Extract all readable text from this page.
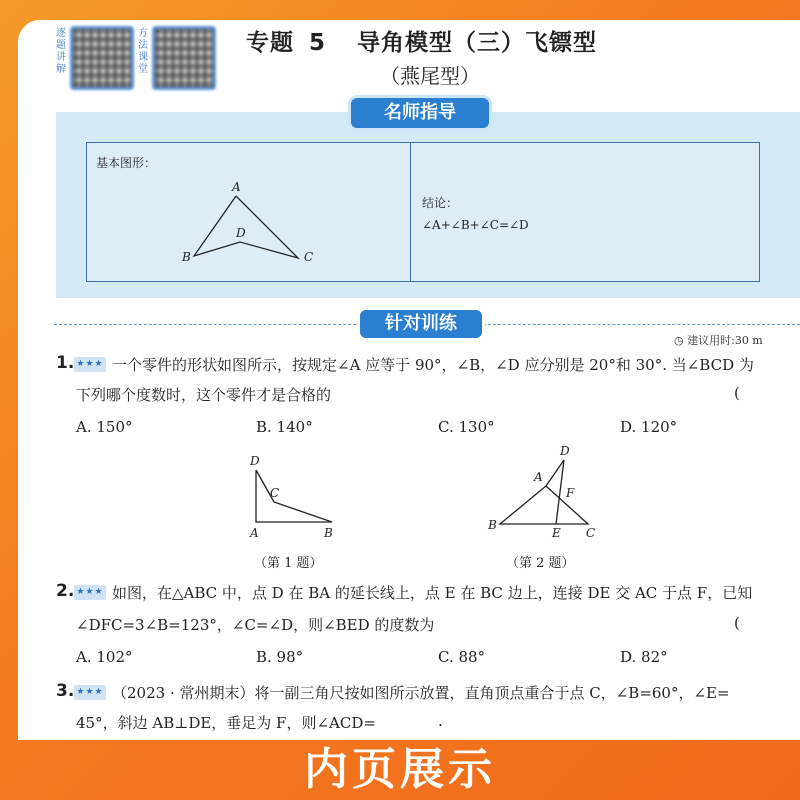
逐题讲解
方法课堂
专题 5 导角模型（三）飞镖型
（燕尾型）
名师指导
基本图形：
A
B	C
D
结论：
∠A+∠B+∠C=∠D
针对训练
◷ 建议用时:30 m
1. ★★★ 一个零件的形状如图所示，按规定∠A 应等于 90°，∠B，∠D 应分别是 20°和 30°. 当∠BCD 为
下列哪个度数时，这个零件才是合格的	(
A. 150°	B. 140°	C. 130°	D. 120°
D
C
A	B
（第 1 题）
D
A
F
B
E C
（第 2 题）
2. ★★★ 如图，在△ABC 中，点 D 在 BA 的延长线上，点 E 在 BC 边上，连接 DE 交 AC 于点 F，已知
∠DFC=3∠B=123°，∠C=∠D，则∠BED 的度数为	(
A. 102°	B. 98°	C. 88°	D. 82°
3. ★★★ （2023 · 常州期末）将一副三角尺按如图所示放置，直角顶点重合于点 C，∠B=60°，∠E=
45°，斜边 AB⊥DE，垂足为 F，则∠ACD=	.
内页展示
